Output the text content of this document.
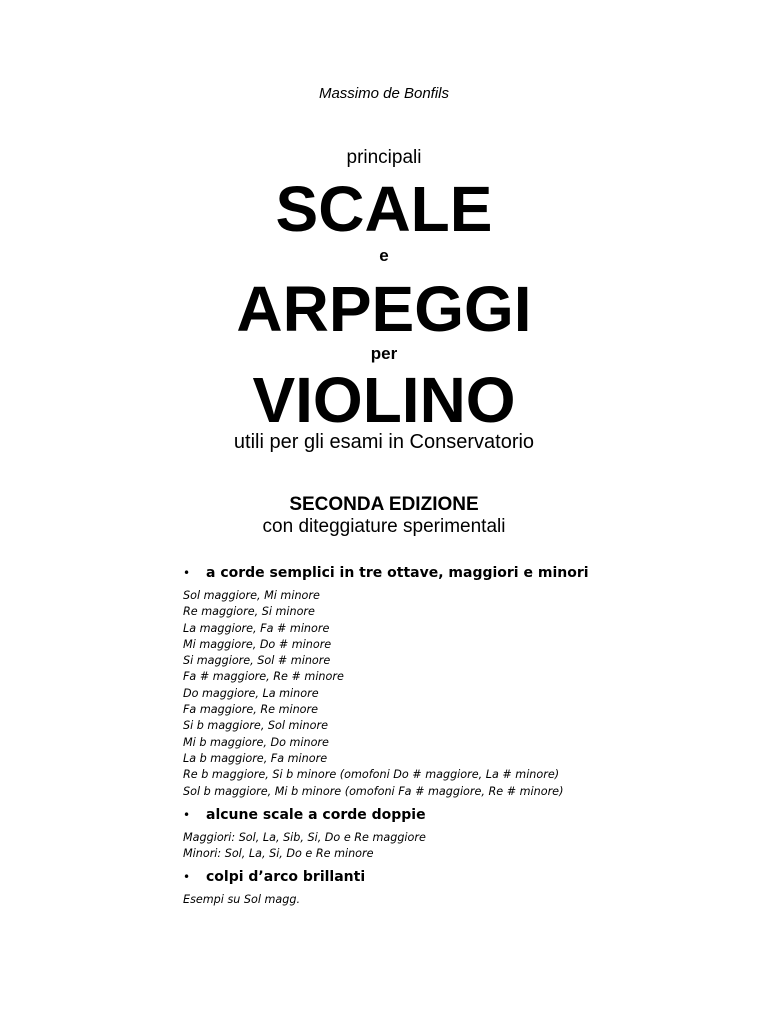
Massimo de Bonfils
principali
SCALE
e
ARPEGGI
per
VIOLINO
utili per gli esami in Conservatorio
SECONDA EDIZIONE
con diteggiature sperimentali
• a corde semplici in tre ottave, maggiori e minori
Sol maggiore, Mi minore
Re maggiore, Si minore
La maggiore, Fa # minore
Mi maggiore, Do # minore
Si maggiore, Sol # minore
Fa # maggiore, Re # minore
Do maggiore, La minore
Fa maggiore, Re minore
Si b maggiore, Sol minore
Mi b maggiore, Do minore
La b maggiore, Fa minore
Re b maggiore, Si b minore (omofoni Do # maggiore, La # minore)
Sol b maggiore, Mi b minore (omofoni Fa # maggiore, Re # minore)
• alcune scale a corde doppie
Maggiori: Sol, La, Sib, Si, Do e Re maggiore
Minori: Sol, La, Si, Do e Re minore
• colpi d’arco brillanti
Esempi su Sol magg.
